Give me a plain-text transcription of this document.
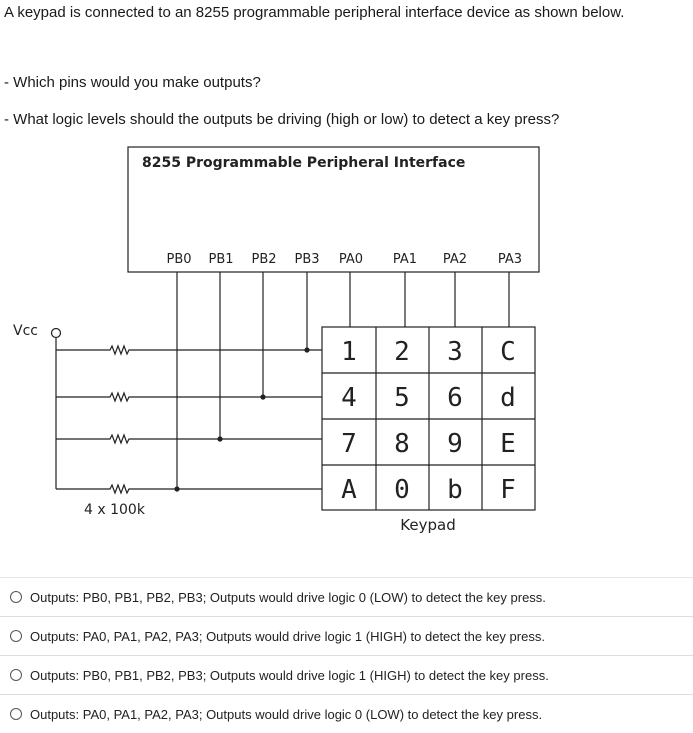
A keypad is connected to an 8255 programmable peripheral interface device as shown below.
- Which pins would you make outputs?
- What logic levels should the outputs be driving (high or low) to detect a key press?
8255 Programmable Peripheral Interface
PB0 PB1 PB2 PB3 PA0 PA1 PA2 PA3
Vcc
4 x 100k
1 2 3 C
4 5 6 d
7 8 9 E
A 0 b F
Keypad
Outputs: PB0, PB1, PB2, PB3; Outputs would drive logic 0 (LOW) to detect the key press.
Outputs: PA0, PA1, PA2, PA3; Outputs would drive logic 1 (HIGH) to detect the key press.
Outputs: PB0, PB1, PB2, PB3; Outputs would drive logic 1 (HIGH) to detect the key press.
Outputs: PA0, PA1, PA2, PA3; Outputs would drive logic 0 (LOW) to detect the key press.
